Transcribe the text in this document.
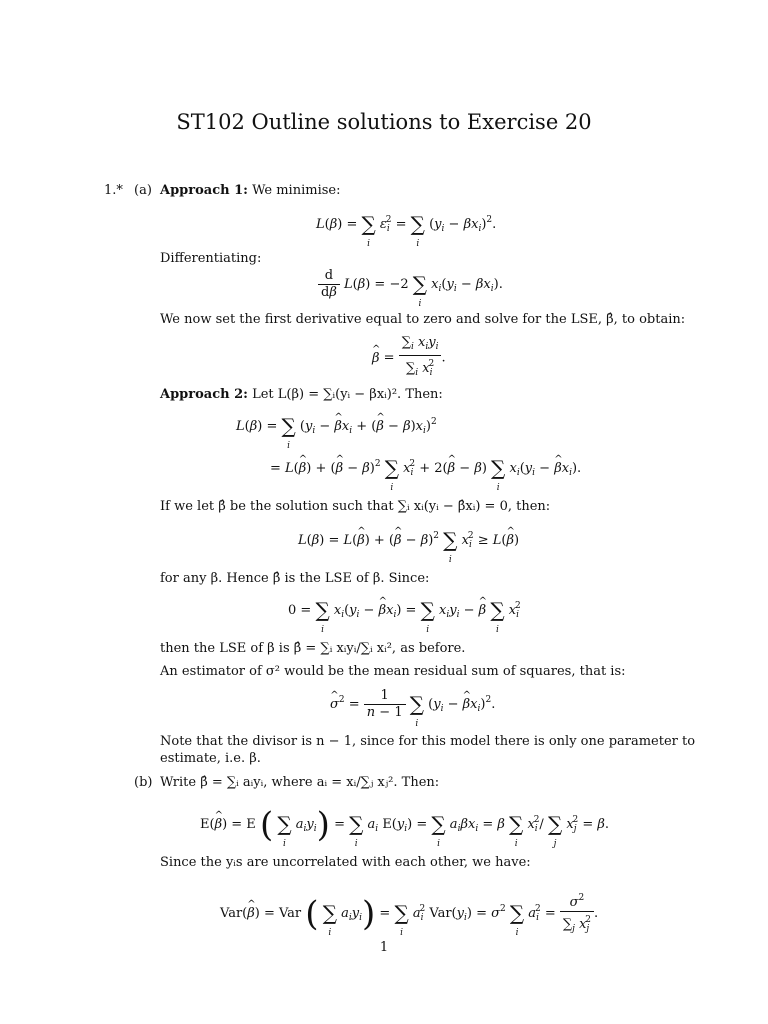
ST102 Outline solutions to Exercise 20
1.* (a) Approach 1: We minimise:
L(β) = ∑
i
$\varepsilon_i^2$ = ∑
i
$(y_i - \beta x_i)^2$.
Differentiating:
$\frac{d}{d\beta} L(\beta) = -2$ ∑
i
$x_i(y_i - \beta x_i)$.
We now set the first derivative equal to zero and solve for the LSE, β̂, to obtain:
^ $\beta = \frac{\sum_i x_iy_i}{\sum_i x_i^2}$ .
Approach 2: Let L(β) = ∑ᵢ(yᵢ − βxᵢ)². Then:
L(β) = ∑
i
($y_i$ − ^ $\beta x_i$ + (^ $\beta - \beta)x_i)^2$
= L(^ β) + (^ β − β)$^2$ ∑
i
$x_i^2$ + 2(^ β − β) ∑
i
$x_i(y_i$ − ^ $\beta x_i$).
If we let β̂ be the solution such that ∑ᵢ xᵢ(yᵢ − β̂xᵢ) = 0, then:
L(β) = L(^ β) + (^ β − β)$^2$ ∑
i
$x_i^2$ ≥ L(^ β)
for any β. Hence β̂ is the LSE of β. Since:
0 = ∑
i
$x_i(y_i$ − ^ $\beta x_i$) = ∑
i
$x_iy_i$ − ^ β ∑
i
$x_i^2$
then the LSE of β is β̂ = ∑ᵢ xᵢyᵢ/∑ᵢ xᵢ², as before.
An estimator of σ² would be the mean residual sum of squares, that is:
^ $\sigma^2 = \frac{1}{n - 1}$ ∑
i
($y_i$ − ^ $\beta x_i)^2$.
Note that the divisor is n − 1, since for this model there is only one parameter to
estimate, i.e. β.
(b) Write β̂ = ∑ᵢ aᵢyᵢ, where aᵢ = xᵢ/∑ⱼ xⱼ². Then:
E(^ β) = E ( ∑
i
$a_iy_i$) = ∑
i
$a_i$ $E(y_i)$ = ∑
i
$a_i\beta x_i = \beta$ ∑
i
$x_i^2/$ ∑
j
$x_j^2 = \beta$.
Since the yᵢs are uncorrelated with each other, we have:
Var(^ β) = Var ( ∑
i
$a_iy_i$) = ∑
i
$a_i^2$ $Var(y_i) = \sigma^2$ ∑
i
$a_i^2 = \frac{\sigma^2}{\sum_j x_j^2}$ .
1
